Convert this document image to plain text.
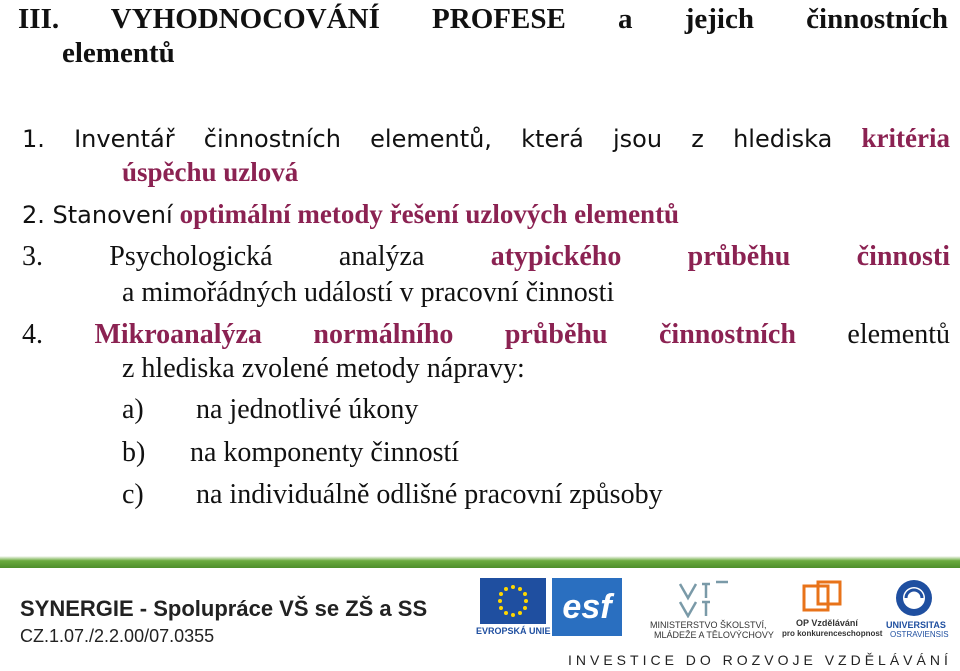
III. VYHODNOCOVÁNÍ PROFESE a jejich činnostních
elementů
1. Inventář činnostních elementů, která jsou z hlediska kritéria
úspěchu uzlová
2. Stanovení optimální metody řešení uzlových elementů
3. Psychologická analýza atypického průběhu činnosti
a mimořádných událostí v pracovní činnosti
4. Mikroanalýza normálního průběhu činnostních elementů
z hlediska zvolené metody nápravy:
a) na jednotlivé úkony
b) na komponenty činností
c) na individuálně odlišné pracovní způsoby
SYNERGIE - Spolupráce VŠ se ZŠ a SS
CZ.1.07./2.2.00/07.0355	EVROPSKÁ UNIE
esf	MINISTERSTVO ŠKOLSTVÍ,
MLÁDEŽE A TĚLOVÝCHOVY
OP Vzdělávání
pro konkurenceschopnost
UNIVERSITAS
OSTRAVIENSIS
INVESTICE DO ROZVOJE VZDĚLÁVÁNÍ
